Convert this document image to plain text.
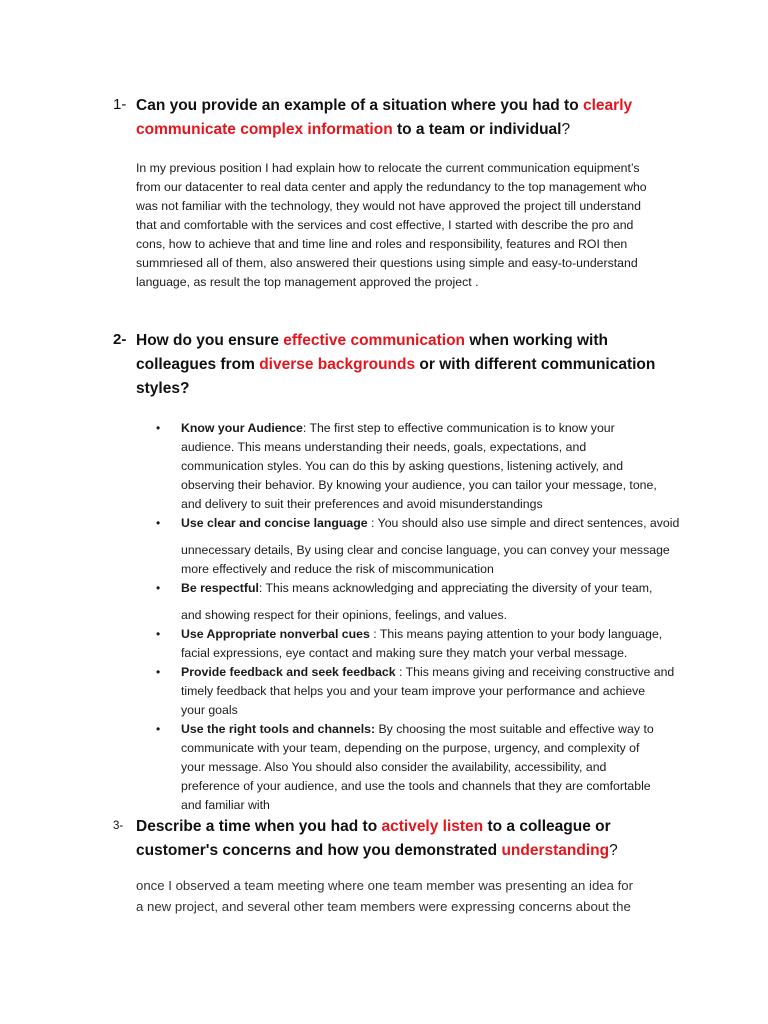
1- Can you provide an example of a situation where you had to clearly
communicate complex information to a team or individual?
In my previous position I had explain how to relocate the current communication equipment’s
from our datacenter to real data center and apply the redundancy to the top management who
was not familiar with the technology, they would not have approved the project till understand
that and comfortable with the services and cost effective, I started with describe the pro and
cons, how to achieve that and time line and roles and responsibility, features and ROI then
summriesed all of them, also answered their questions using simple and easy-to-understand
language, as result the top management approved the project .
2- How do you ensure effective communication when working with
colleagues from diverse backgrounds or with different communication
styles?
• Know your Audience: The first step to effective communication is to know your
audience. This means understanding their needs, goals, expectations, and
communication styles. You can do this by asking questions, listening actively, and
observing their behavior. By knowing your audience, you can tailor your message, tone,
and delivery to suit their preferences and avoid misunderstandings
• Use clear and concise language : You should also use simple and direct sentences, avoid
unnecessary details, By using clear and concise language, you can convey your message
more effectively and reduce the risk of miscommunication
• Be respectful: This means acknowledging and appreciating the diversity of your team,
and showing respect for their opinions, feelings, and values.
• Use Appropriate nonverbal cues : This means paying attention to your body language,
facial expressions, eye contact and making sure they match your verbal message.
• Provide feedback and seek feedback : This means giving and receiving constructive and
timely feedback that helps you and your team improve your performance and achieve
your goals
• Use the right tools and channels: By choosing the most suitable and effective way to
communicate with your team, depending on the purpose, urgency, and complexity of
your message. Also You should also consider the availability, accessibility, and
preference of your audience, and use the tools and channels that they are comfortable
and familiar with
3- Describe a time when you had to actively listen to a colleague or
customer's concerns and how you demonstrated understanding?
once I observed a team meeting where one team member was presenting an idea for
a new project, and several other team members were expressing concerns about the
